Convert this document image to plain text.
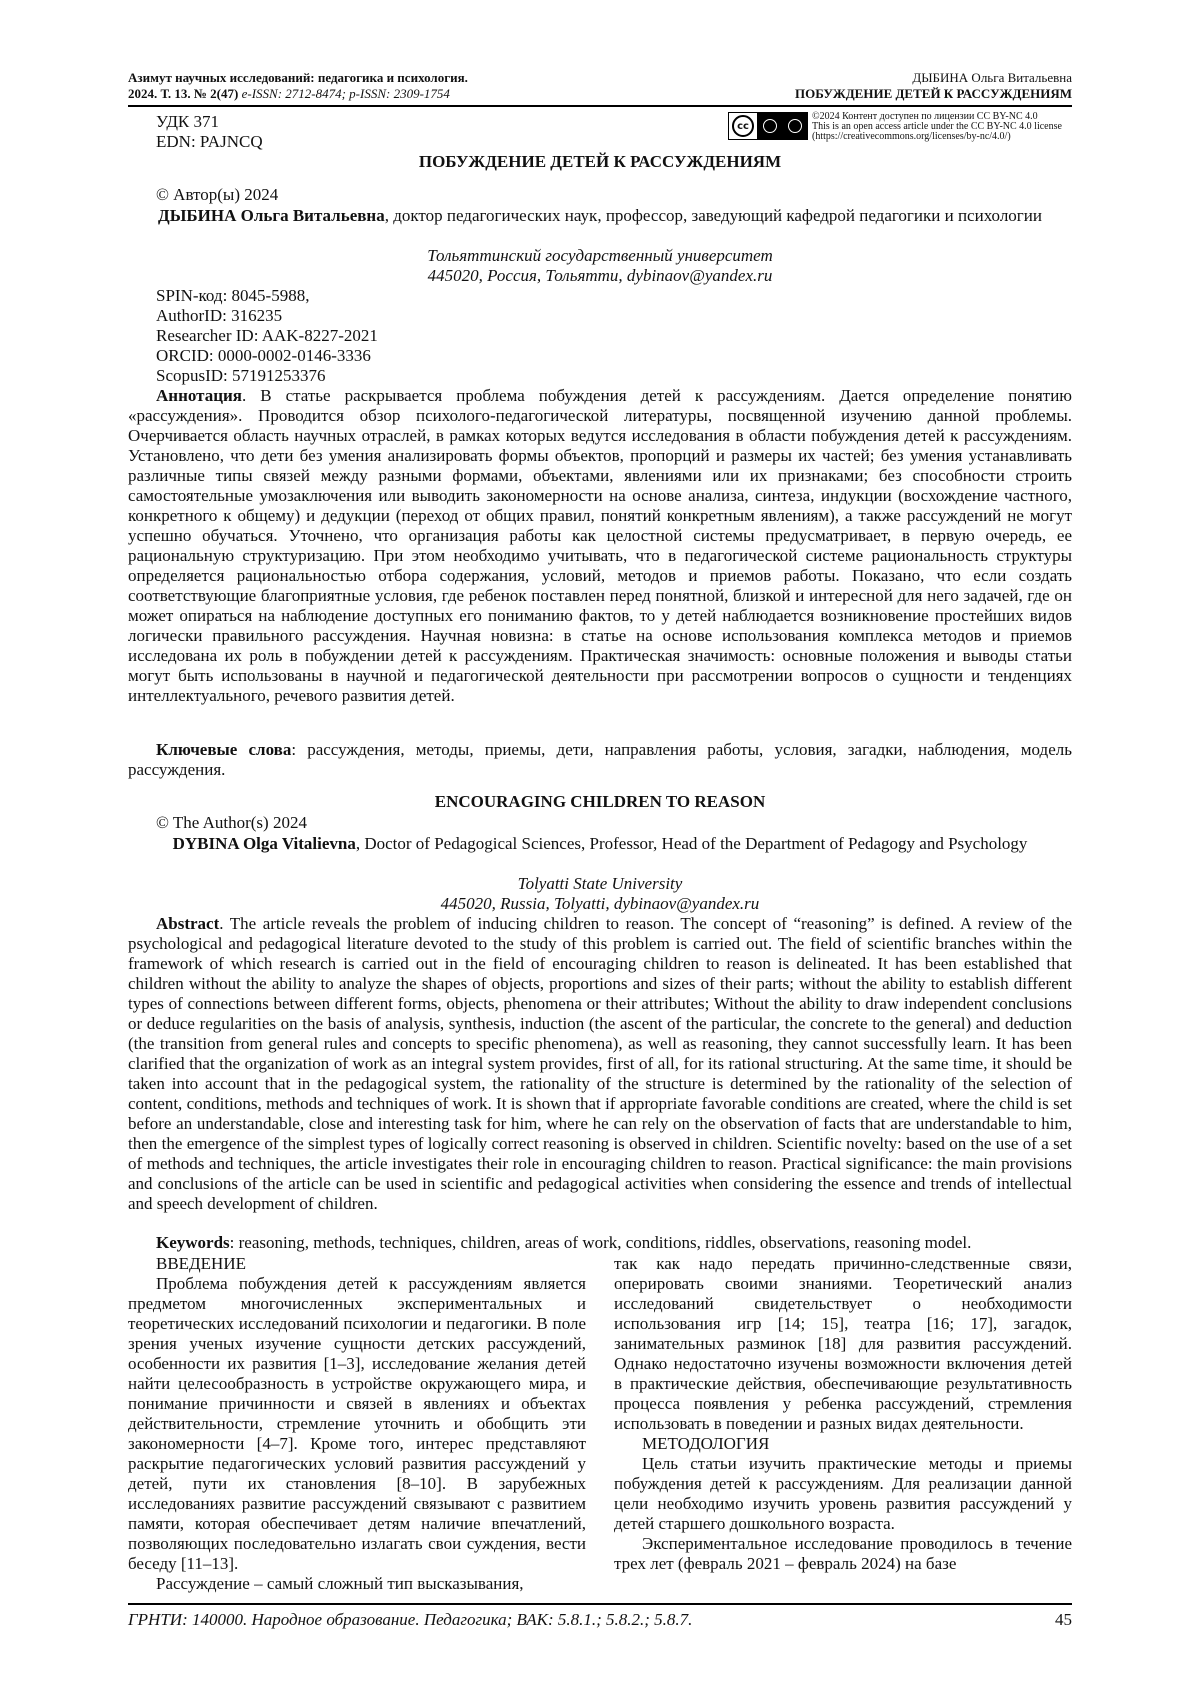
Азимут научных исследований: педагогика и психология.
2024. Т. 13. № 2(47) e-ISSN: 2712-8474; p-ISSN: 2309-1754
ДЫБИНА Ольга Витальевна
ПОБУЖДЕНИЕ ДЕТЕЙ К РАССУЖДЕНИЯМ
УДК 371
EDN: PAJNCQ
cc
©2024 Контент доступен по лицензии CC BY-NC 4.0
This is an open access article under the CC BY-NC 4.0 license
(https://creativecommons.org/licenses/by-nc/4.0/)
ПОБУЖДЕНИЕ ДЕТЕЙ К РАССУЖДЕНИЯМ
© Автор(ы) 2024
ДЫБИНА Ольга Витальевна, доктор педагогических наук, профессор, заведующий кафедрой педагогики и психологии
Тольяттинский государственный университет
445020, Россия, Тольятти, dybinaov@yandex.ru
SPIN-код: 8045-5988,
AuthorID: 316235
Researcher ID: AAK-8227-2021
ORCID: 0000-0002-0146-3336
ScopusID: 57191253376
Аннотация. В статье раскрывается проблема побуждения детей к рассуждениям. Дается определение понятию «рассуждения». Проводится обзор психолого-педагогической литературы, посвященной изучению данной проблемы. Очерчивается область научных отраслей, в рамках которых ведутся исследования в области побуждения детей к рассуждениям. Установлено, что дети без умения анализировать формы объектов, пропорций и размеры их частей; без умения устанавливать различные типы связей между разными формами, объектами, явлениями или их признаками; без способности строить самостоятельные умозаключения или выводить закономерности на основе анализа, синтеза, индукции (восхождение частного, конкретного к общему) и дедукции (переход от общих правил, понятий конкретным явлениям), а также рассуждений не могут успешно обучаться. Уточнено, что организация работы как целостной системы предусматривает, в первую очередь, ее рациональную структуризацию. При этом необходимо учитывать, что в педагогической системе рациональность структуры определяется рациональностью отбора содержания, условий, методов и приемов работы. Показано, что если создать соответствующие благоприятные условия, где ребенок поставлен перед понятной, близкой и интересной для него задачей, где он может опираться на наблюдение доступных его пониманию фактов, то у детей наблюдается возникновение простейших видов логически правильного рассуждения. Научная новизна: в статье на основе использования комплекса методов и приемов исследована их роль в побуждении детей к рассуждениям. Практическая значимость: основные положения и выводы статьи могут быть использованы в научной и педагогической деятельности при рассмотрении вопросов о сущности и тенденциях интеллектуального, речевого развития детей.
Ключевые слова: рассуждения, методы, приемы, дети, направления работы, условия, загадки, наблюдения, модель рассуждения.
ENCOURAGING CHILDREN TO REASON
© The Author(s) 2024
DYBINA Olga Vitalievna, Doctor of Pedagogical Sciences, Professor, Head of the Department of Pedagogy and Psychology
Tolyatti State University
445020, Russia, Tolyatti, dybinaov@yandex.ru
Abstract. The article reveals the problem of inducing children to reason. The concept of “reasoning” is defined. A review of the psychological and pedagogical literature devoted to the study of this problem is carried out. The field of scientific branches within the framework of which research is carried out in the field of encouraging children to reason is delineated. It has been established that children without the ability to analyze the shapes of objects, proportions and sizes of their parts; without the ability to establish different types of connections between different forms, objects, phenomena or their attributes; Without the ability to draw independent conclusions or deduce regularities on the basis of analysis, synthesis, induction (the ascent of the particular, the concrete to the general) and deduction (the transition from general rules and concepts to specific phenomena), as well as reasoning, they cannot successfully learn. It has been clarified that the organization of work as an integral system provides, first of all, for its rational structuring. At the same time, it should be taken into account that in the pedagogical system, the rationality of the structure is determined by the rationality of the selection of content, conditions, methods and techniques of work. It is shown that if appropriate favorable conditions are created, where the child is set before an understandable, close and interesting task for him, where he can rely on the observation of facts that are understandable to him, then the emergence of the simplest types of logically correct reasoning is observed in children. Scientific novelty: based on the use of a set of methods and techniques, the article investigates their role in encouraging children to reason. Practical significance: the main provisions and conclusions of the article can be used in scientific and pedagogical activities when considering the essence and trends of intellectual and speech development of children.
Keywords: reasoning, methods, techniques, children, areas of work, conditions, riddles, observations, reasoning model.

ВВЕДЕНИЕ

Проблема побуждения детей к рассуждениям является предметом многочисленных экспериментальных и теоретических исследований психологии и педагогики. В поле зрения ученых изучение сущности детских рассуждений, особенности их развития [1–3], исследование желания детей найти целесообразность в устройстве окружающего мира, и понимание причинности и связей в явлениях и объектах действительности, стремление уточнить и обобщить эти закономерности [4–7]. Кроме того, интерес представляют раскрытие педагогических условий развития рассуждений у детей, пути их становления [8–10]. В зарубежных исследованиях развитие рассуждений связывают с развитием памяти, которая обеспечивает детям наличие впечатлений, позволяющих последовательно излагать свои суждения, вести беседу [11–13].

Рассуждение – самый сложный тип высказывания,

так как надо передать причинно-следственные связи, оперировать своими знаниями. Теоретический анализ исследований свидетельствует о необходимости использования игр [14; 15], театра [16; 17], загадок, занимательных разминок [18] для развития рассуждений. Однако недостаточно изучены возможности включения детей в практические действия, обеспечивающие результативность процесса появления у ребенка рассуждений, стремления использовать в поведении и разных видах деятельности.

МЕТОДОЛОГИЯ

Цель статьи изучить практические методы и приемы побуждения детей к рассуждениям. Для реализации данной цели необходимо изучить уровень развития рассуждений у детей старшего дошкольного возраста.

Экспериментальное исследование проводилось в течение трех лет (февраль 2021 – февраль 2024) на базе

ГРНТИ: 140000. Народное образование. Педагогика; ВАК: 5.8.1.; 5.8.2.; 5.8.7.	45
